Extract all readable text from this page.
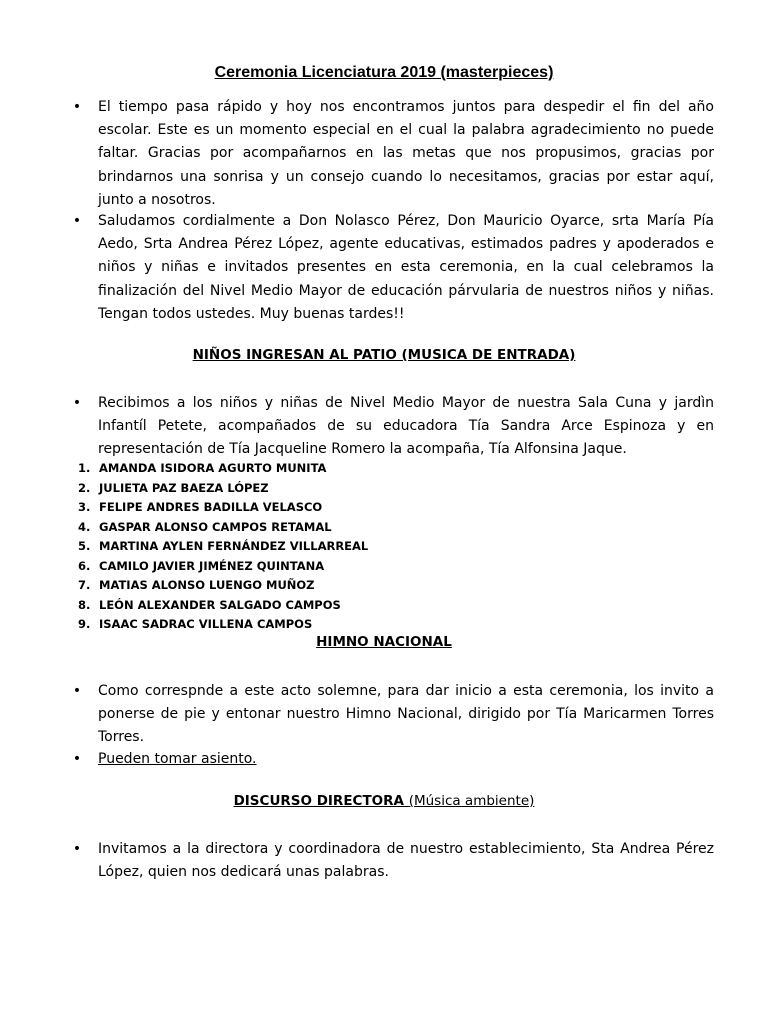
Ceremonia Licenciatura 2019 (masterpieces)
• El tiempo pasa rápido y hoy nos encontramos juntos para despedir el fin del año escolar. Este es un momento especial en el cual la palabra agradecimiento no puede faltar. Gracias por acompañarnos en las metas que nos propusimos, gracias por brindarnos una sonrisa y un consejo cuando lo necesitamos, gracias por estar aquí, junto a nosotros.
• Saludamos cordialmente a Don Nolasco Pérez, Don Mauricio Oyarce, srta María Pía Aedo, Srta Andrea Pérez López, agente educativas, estimados padres y apoderados e niños y niñas e invitados presentes en esta ceremonia, en la cual celebramos la finalización del Nivel Medio Mayor de educación párvularia de nuestros niños y niñas. Tengan todos ustedes. Muy buenas tardes!!
NIÑOS INGRESAN AL PATIO (MUSICA DE ENTRADA)
• Recibimos a los niños y niñas de Nivel Medio Mayor de nuestra Sala Cuna y jardìn Infantíl Petete, acompañados de su educadora Tía Sandra Arce Espinoza y en representación de Tía Jacqueline Romero la acompaña, Tía Alfonsina Jaque.
1. AMANDA ISIDORA AGURTO MUNITA
2. JULIETA PAZ BAEZA LÓPEZ
3. FELIPE ANDRES BADILLA VELASCO
4. GASPAR ALONSO CAMPOS RETAMAL
5. MARTINA AYLEN FERNÁNDEZ VILLARREAL
6. CAMILO JAVIER JIMÉNEZ QUINTANA
7. MATIAS ALONSO LUENGO MUÑOZ
8. LEÓN ALEXANDER SALGADO CAMPOS
9. ISAAC SADRAC VILLENA CAMPOS
HIMNO NACIONAL
• Como correspnde a este acto solemne, para dar inicio a esta ceremonia, los invito a ponerse de pie y entonar nuestro Himno Nacional, dirigido por Tía Maricarmen Torres Torres.
• Pueden tomar asiento.
DISCURSO DIRECTORA (Música ambiente)
• Invitamos a la directora y coordinadora de nuestro establecimiento, Sta Andrea Pérez López, quien nos dedicará unas palabras.
